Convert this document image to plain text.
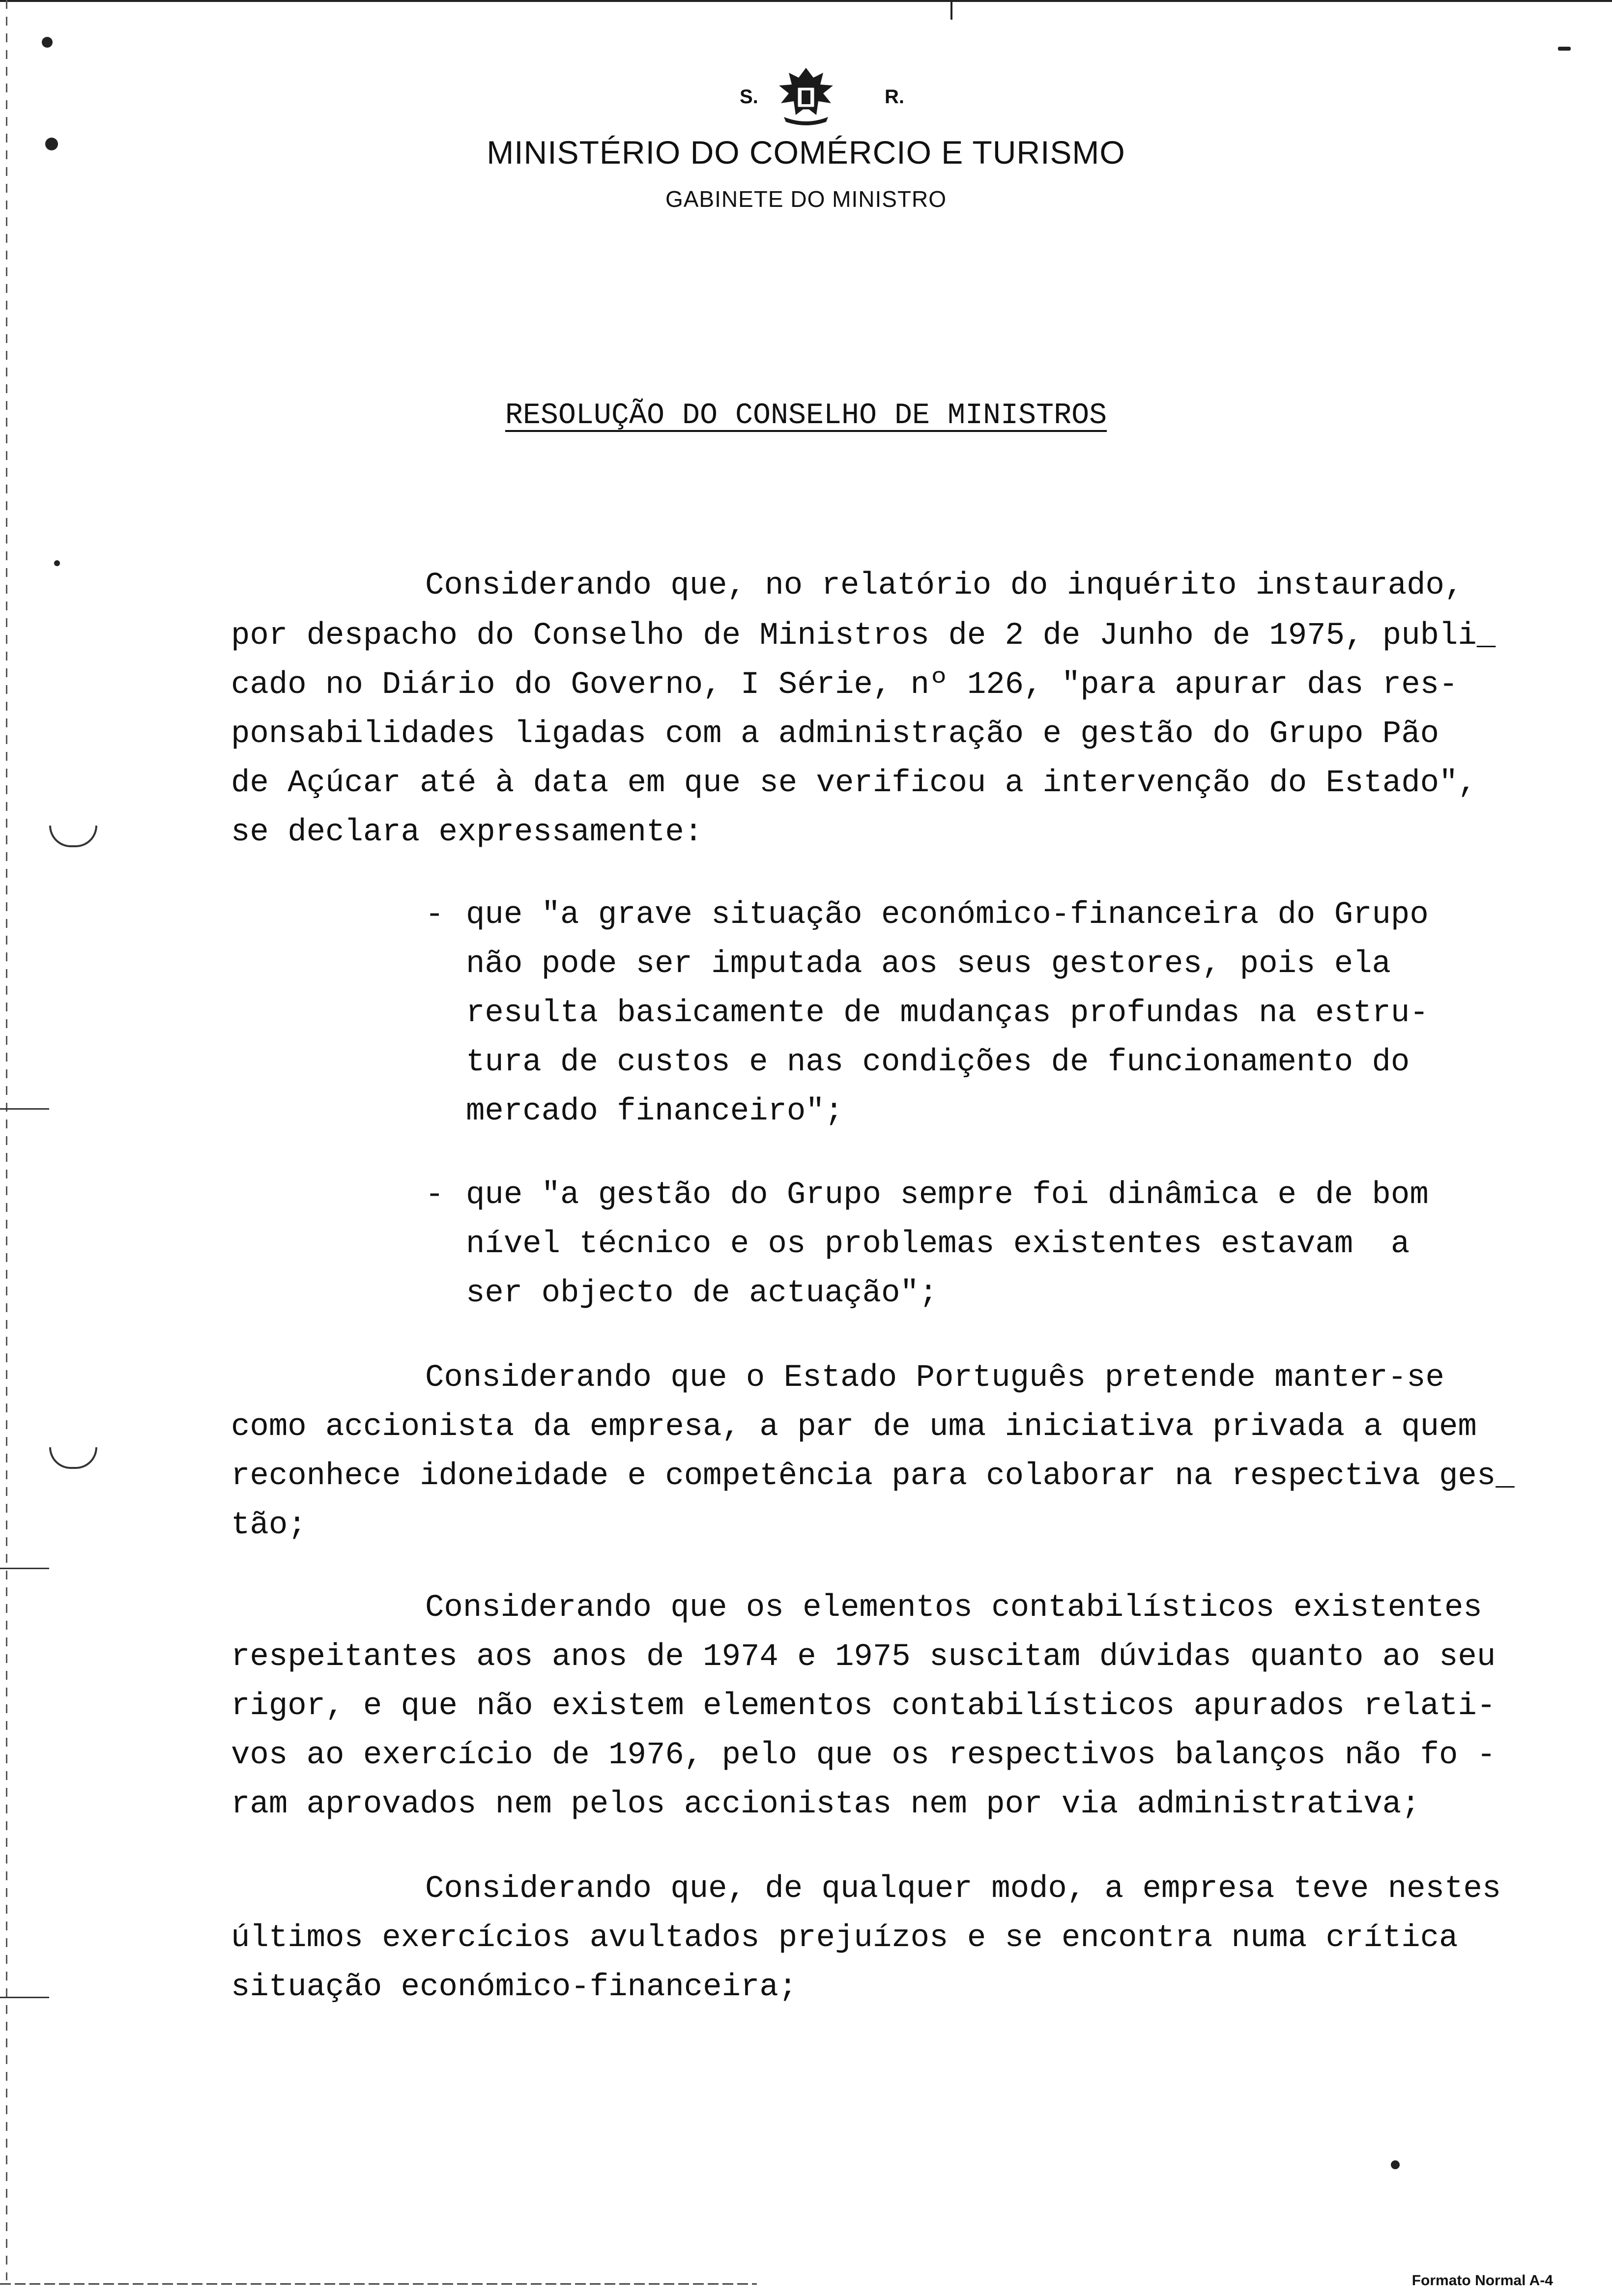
S.	R.
MINISTÉRIO DO COMÉRCIO E TURISMO
GABINETE DO MINISTRO
RESOLUÇÃO DO CONSELHO DE MINISTROS
Considerando que, no relatório do inquérito instaurado,
por despacho do Conselho de Ministros de 2 de Junho de 1975, publi_
cado no Diário do Governo, I Série, nº 126, "para apurar das res-
ponsabilidades ligadas com a administração e gestão do Grupo Pão
de Açúcar até à data em que se verificou a intervenção do Estado",
se declara expressamente:
- que "a grave situação económico-financeira do Grupo
não pode ser imputada aos seus gestores, pois ela
resulta basicamente de mudanças profundas na estru-
tura de custos e nas condições de funcionamento do
mercado financeiro";
- que "a gestão do Grupo sempre foi dinâmica e de bom
nível técnico e os problemas existentes estavam  a
ser objecto de actuação";
Considerando que o Estado Português pretende manter-se
como accionista da empresa, a par de uma iniciativa privada a quem
reconhece idoneidade e competência para colaborar na respectiva ges_
tão;
Considerando que os elementos contabilísticos existentes
respeitantes aos anos de 1974 e 1975 suscitam dúvidas quanto ao seu
rigor, e que não existem elementos contabilísticos apurados relati-
vos ao exercício de 1976, pelo que os respectivos balanços não fo -
ram aprovados nem pelos accionistas nem por via administrativa;
Considerando que, de qualquer modo, a empresa teve nestes
últimos exercícios avultados prejuízos e se encontra numa crítica
situação económico-financeira;
Formato Normal A-4
